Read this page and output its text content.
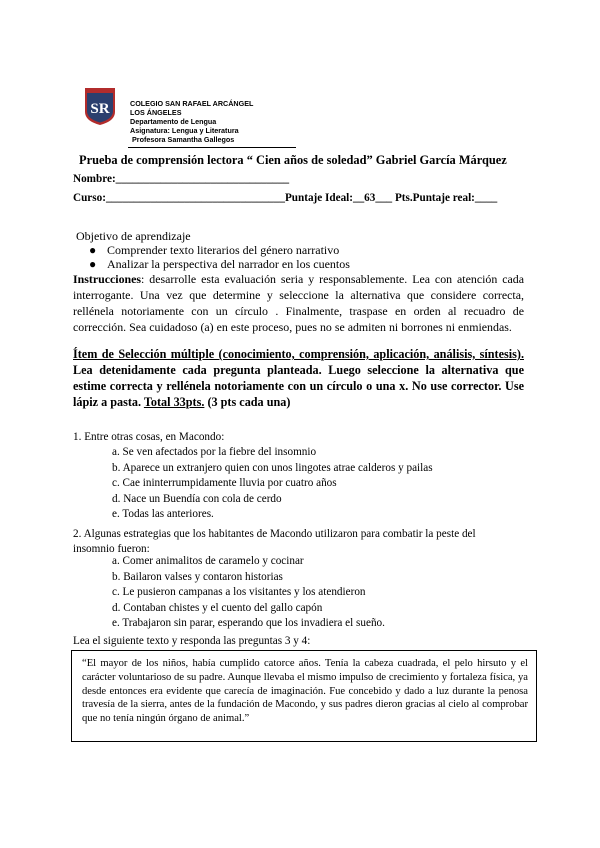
SR	COLEGIO SAN RAFAEL ARCÁNGEL
LOS ÁNGELES
Departamento de Lengua
Asignatura: Lengua y Literatura
Profesora Samantha Gallegos
Prueba de comprensión lectora “ Cien años de soledad” Gabriel García Márquez
Nombre:_______________________________
Curso:________________________________Puntaje Ideal:__63___ Pts.Puntaje real:____
Objetivo de aprendizaje
● Comprender texto literarios del género narrativo
● Analizar la perspectiva del narrador en los cuentos
Instrucciones: desarrolle esta evaluación seria y responsablemente. Lea con atención cada interrogante. Una vez que determine y seleccione la alternativa que considere correcta, rellénela notoriamente con un círculo . Finalmente, traspase en orden al recuadro de corrección. Sea cuidadoso (a) en este proceso, pues no se admiten ni borrones ni enmiendas.
Ítem de Selección múltiple (conocimiento, comprensión, aplicación, análisis, síntesis). Lea detenidamente cada pregunta planteada. Luego seleccione la alternativa que estime correcta y rellénela notoriamente con un círculo o una x. No use corrector. Use lápiz a pasta. Total 33pts. (3 pts cada una)
1. Entre otras cosas, en Macondo:
a. Se ven afectados por la fiebre del insomnio
b. Aparece un extranjero quien con unos lingotes atrae calderos y pailas
c. Cae ininterrumpidamente lluvia por cuatro años
d. Nace un Buendía con cola de cerdo
e. Todas las anteriores.
2. Algunas estrategias que los habitantes de Macondo utilizaron para combatir la peste del insomnio fueron:
a. Comer animalitos de caramelo y cocinar
b. Bailaron valses y contaron historias
c. Le pusieron campanas a los visitantes y los atendieron
d. Contaban chistes y el cuento del gallo capón
e. Trabajaron sin parar, esperando que los invadiera el sueño.
Lea el siguiente texto y responda las preguntas 3 y 4:
“El mayor de los niños, había cumplido catorce años. Tenía la cabeza cuadrada, el pelo hirsuto y el carácter voluntarioso de su padre. Aunque llevaba el mismo impulso de crecimiento y fortaleza física, ya desde entonces era evidente que carecía de imaginación. Fue concebido y dado a luz durante la penosa travesía de la sierra, antes de la fundación de Macondo, y sus padres dieron gracias al cielo al comprobar que no tenía ningún órgano de animal.”
